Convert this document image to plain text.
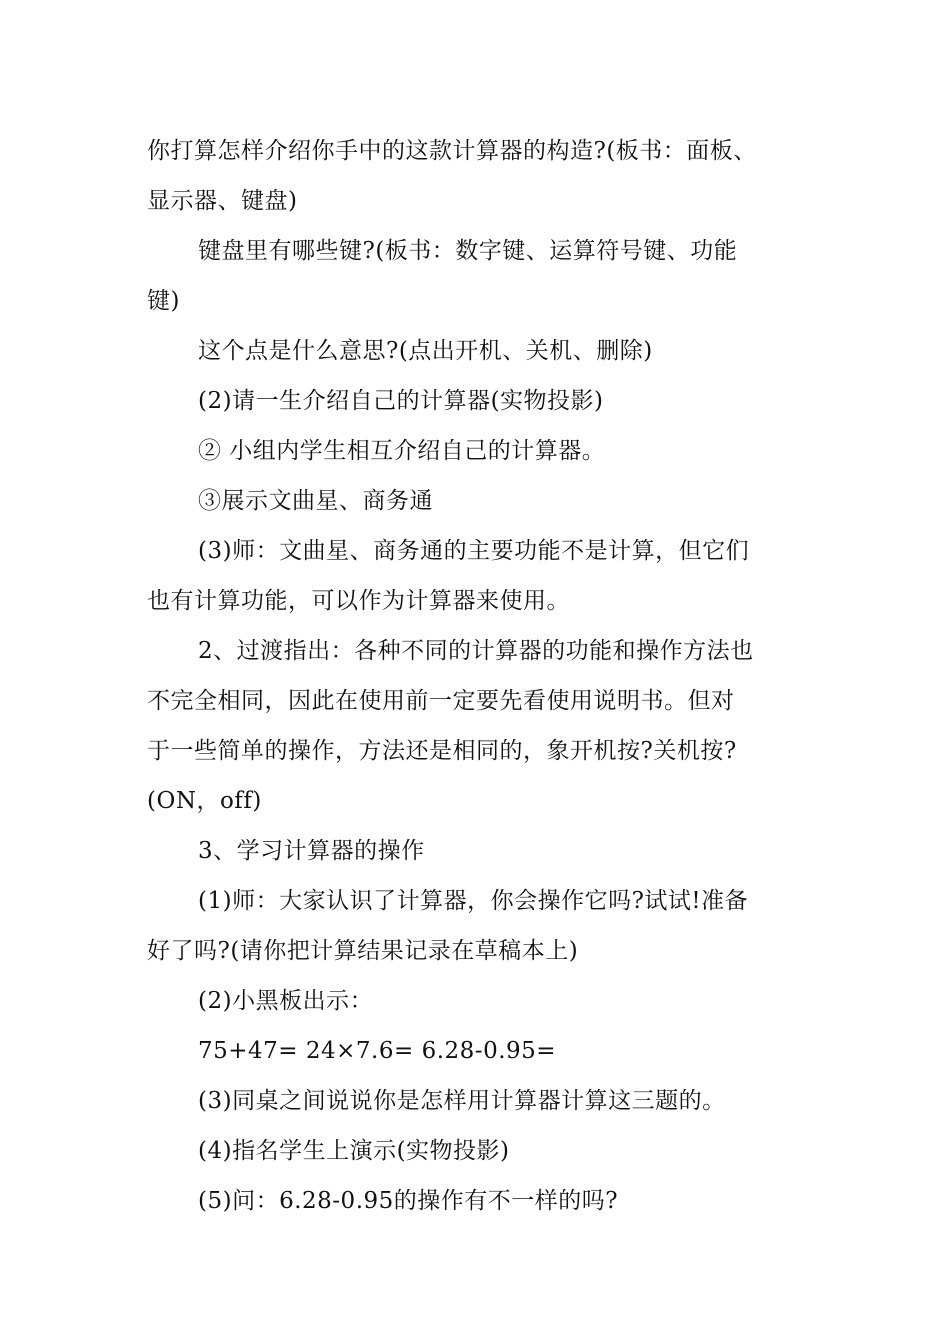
你打算怎样介绍你手中的这款计算器的构造?(板书：面板、
显示器、键盘)
键盘里有哪些键?(板书：数字键、运算符号键、功能
键)
这个点是什么意思?(点出开机、关机、删除)
(2)请一生介绍自己的计算器(实物投影)
② 小组内学生相互介绍自己的计算器。
③展示文曲星、商务通
(3)师：文曲星、商务通的主要功能不是计算，但它们
也有计算功能，可以作为计算器来使用。
2、过渡指出：各种不同的计算器的功能和操作方法也
不完全相同，因此在使用前一定要先看使用说明书。但对
于一些简单的操作，方法还是相同的，象开机按?关机按?
(ON，off)
3、学习计算器的操作
(1)师：大家认识了计算器，你会操作它吗?试试!准备
好了吗?(请你把计算结果记录在草稿本上)
(2)小黑板出示：
75+47= 24×7.6= 6.28-0.95=
(3)同桌之间说说你是怎样用计算器计算这三题的。
(4)指名学生上演示(实物投影)
(5)问：6.28-0.95的操作有不一样的吗?
